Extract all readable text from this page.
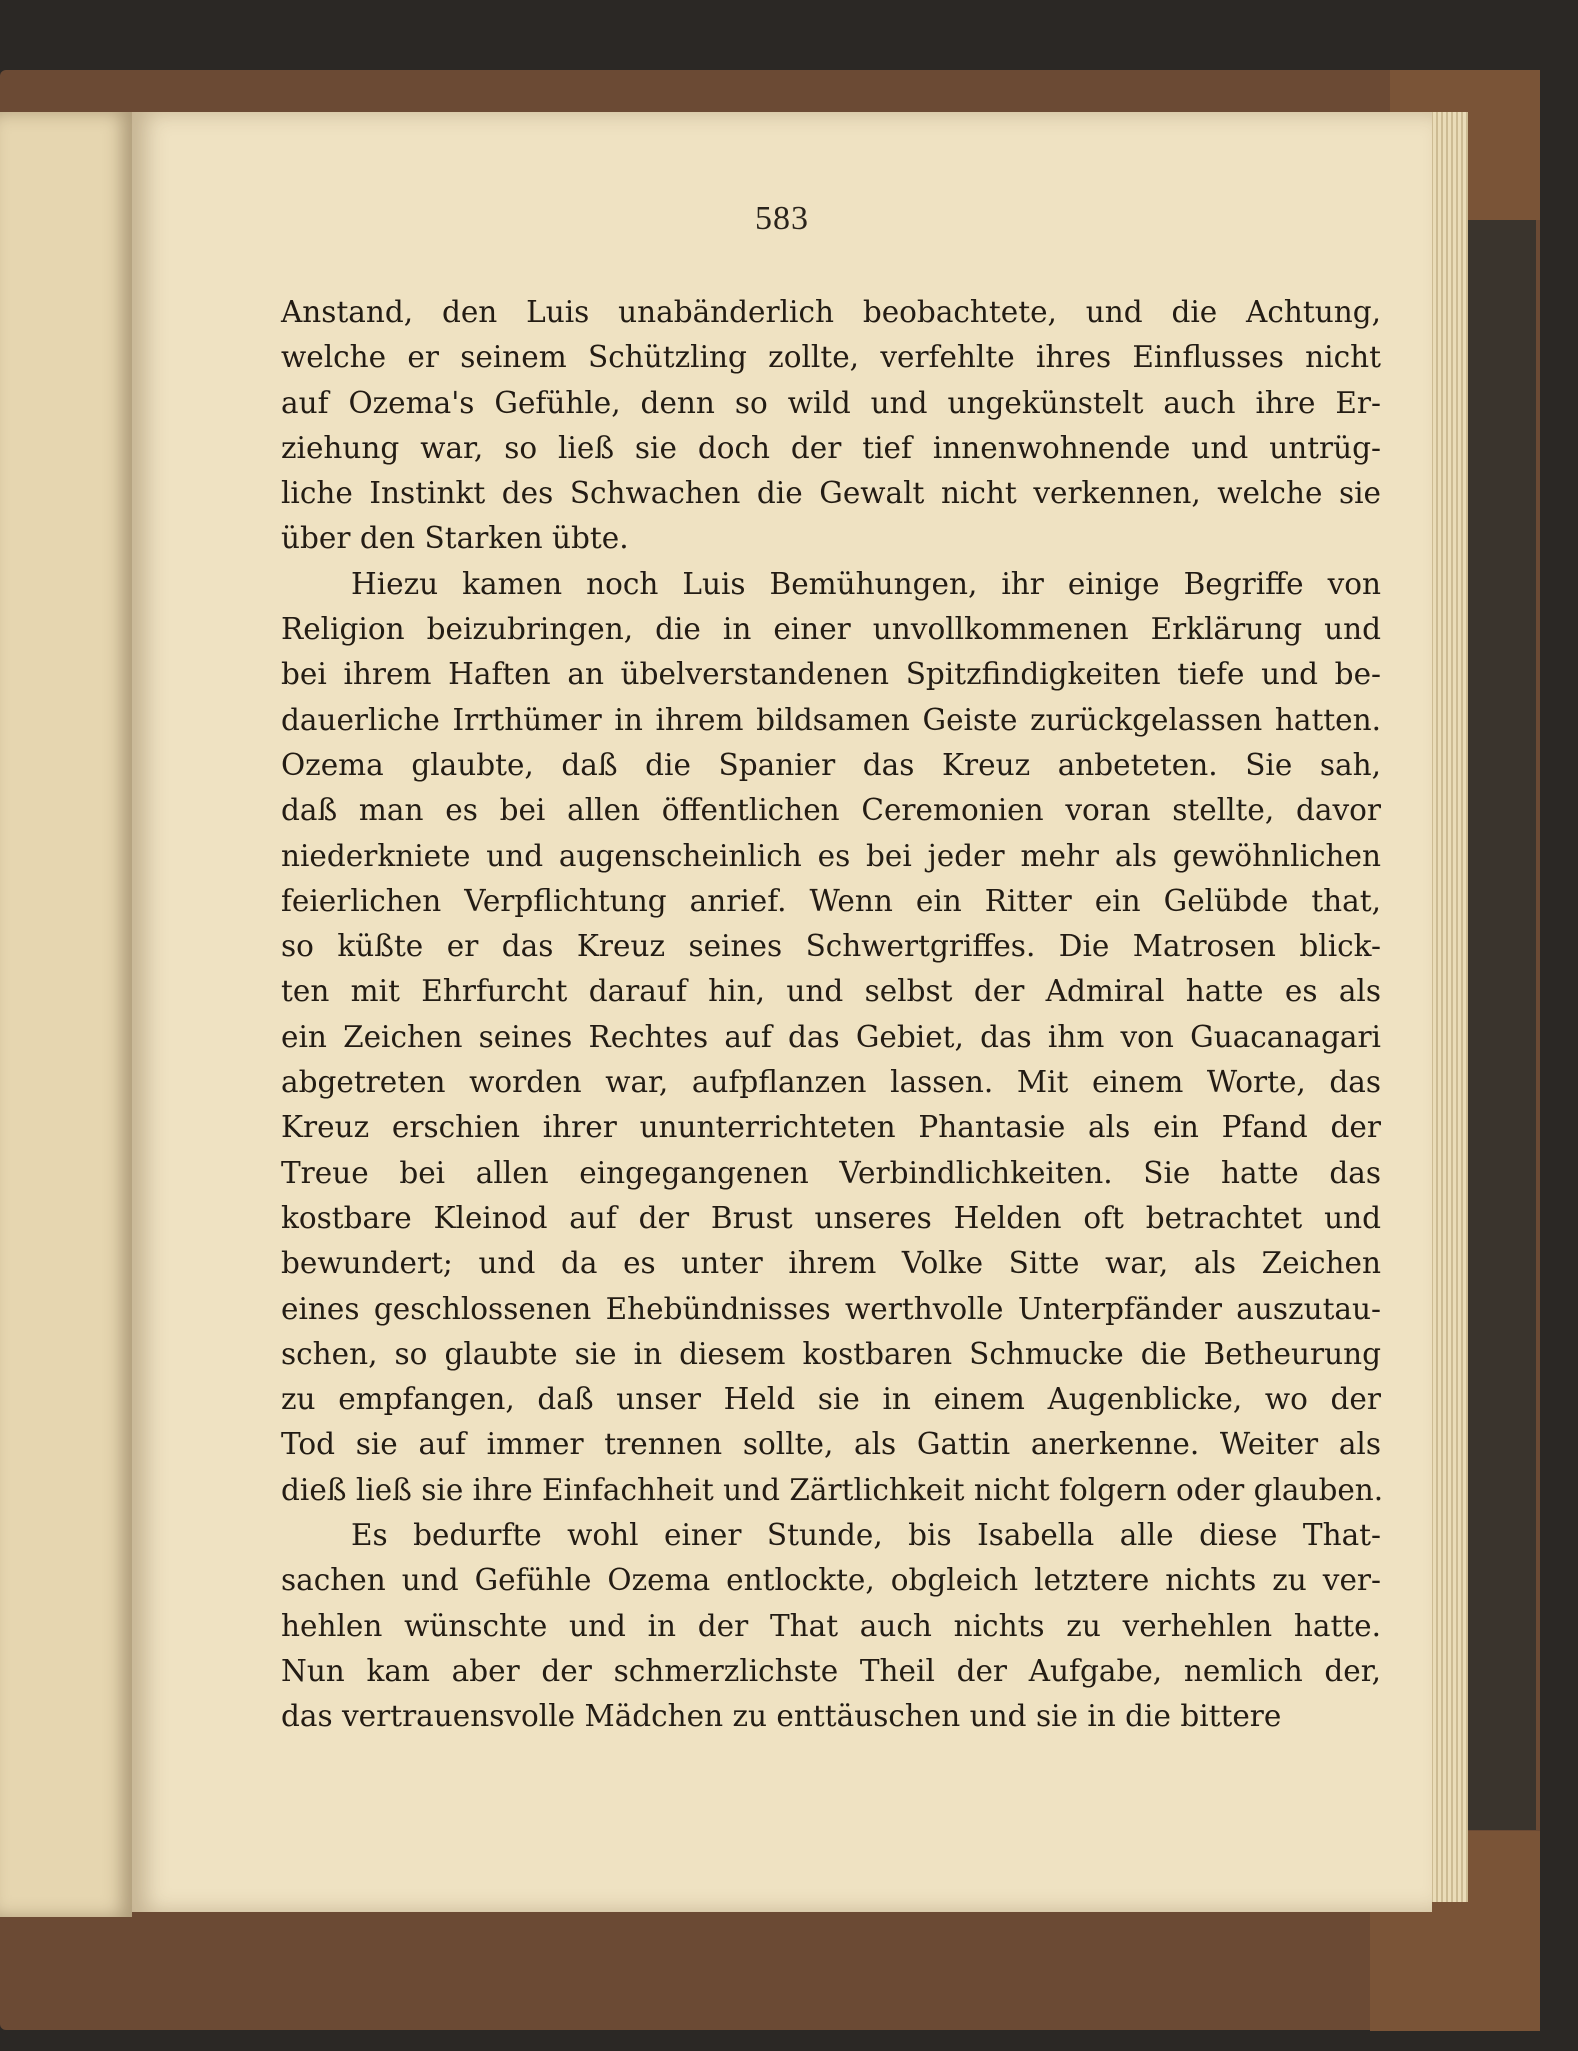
583

Anstand, den Luis unabänderlich beobachtete, und die Achtung,
welche er seinem Schützling zollte, verfehlte ihres Einflusses nicht
auf Ozema's Gefühle, denn so wild und ungekünstelt auch ihre Er-
ziehung war, so ließ sie doch der tief innenwohnende und untrüg-
liche Instinkt des Schwachen die Gewalt nicht verkennen, welche sie
über den Starken übte.

Hiezu kamen noch Luis Bemühungen, ihr einige Begriffe von
Religion beizubringen, die in einer unvollkommenen Erklärung und
bei ihrem Haften an übelverstandenen Spitzfindigkeiten tiefe und be-
dauerliche Irrthümer in ihrem bildsamen Geiste zurückgelassen hatten.
Ozema glaubte, daß die Spanier das Kreuz anbeteten. Sie sah,
daß man es bei allen öffentlichen Ceremonien voran stellte, davor
niederkniete und augenscheinlich es bei jeder mehr als gewöhnlichen
feierlichen Verpflichtung anrief. Wenn ein Ritter ein Gelübde that,
so küßte er das Kreuz seines Schwertgriffes. Die Matrosen blick-
ten mit Ehrfurcht darauf hin, und selbst der Admiral hatte es als
ein Zeichen seines Rechtes auf das Gebiet, das ihm von Guacanagari
abgetreten worden war, aufpflanzen lassen. Mit einem Worte, das
Kreuz erschien ihrer ununterrichteten Phantasie als ein Pfand der
Treue bei allen eingegangenen Verbindlichkeiten. Sie hatte das
kostbare Kleinod auf der Brust unseres Helden oft betrachtet und
bewundert; und da es unter ihrem Volke Sitte war, als Zeichen
eines geschlossenen Ehebündnisses werthvolle Unterpfänder auszutau-
schen, so glaubte sie in diesem kostbaren Schmucke die Betheurung
zu empfangen, daß unser Held sie in einem Augenblicke, wo der
Tod sie auf immer trennen sollte, als Gattin anerkenne. Weiter als
dieß ließ sie ihre Einfachheit und Zärtlichkeit nicht folgern oder glauben.

Es bedurfte wohl einer Stunde, bis Isabella alle diese That-
sachen und Gefühle Ozema entlockte, obgleich letztere nichts zu ver-
hehlen wünschte und in der That auch nichts zu verhehlen hatte.
Nun kam aber der schmerzlichste Theil der Aufgabe, nemlich der,
das vertrauensvolle Mädchen zu enttäuschen und sie in die bittere
